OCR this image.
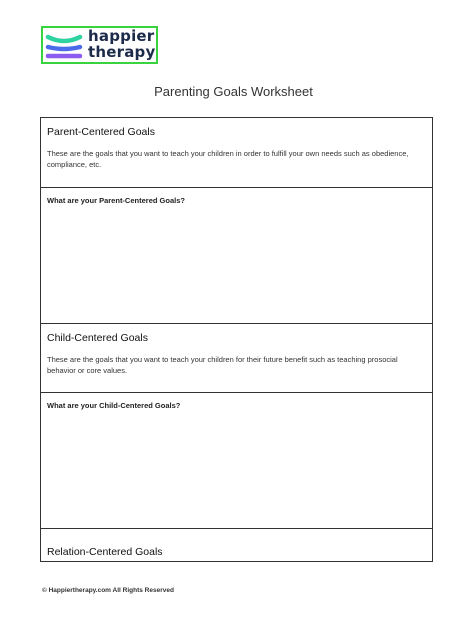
happier
therapy
Parenting Goals Worksheet
Parent-Centered Goals
These are the goals that you want to teach your children in order to fulfill your own needs such as obedience, compliance, etc.
What are your Parent-Centered Goals?
Child-Centered Goals
These are the goals that you want to teach your children for their future benefit such as teaching prosocial behavior or core values.
What are your Child-Centered Goals?
Relation-Centered Goals
© Happiertherapy.com All Rights Reserved
